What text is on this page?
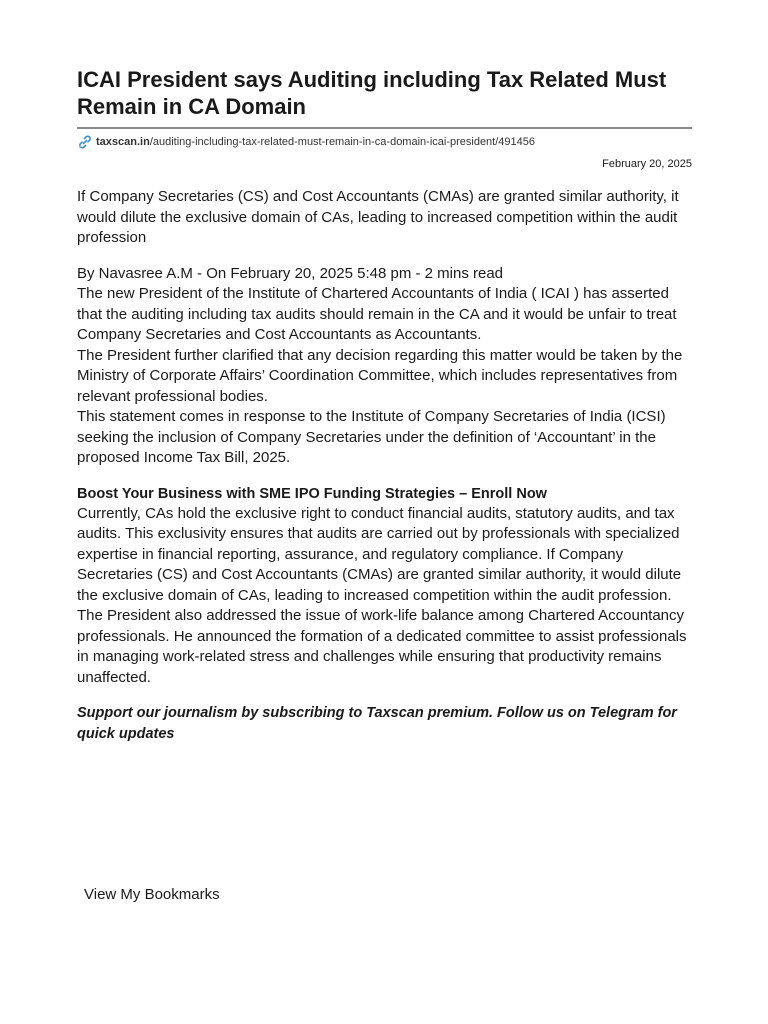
ICAI President says Auditing including Tax Related Must Remain in CA Domain
taxscan.in /auditing-including-tax-related-must-remain-in-ca-domain-icai-president/491456
February 20, 2025
If Company Secretaries (CS) and Cost Accountants (CMAs) are granted similar authority, it would dilute the exclusive domain of CAs, leading to increased competition within the audit profession
By Navasree A.M - On February 20, 2025 5:48 pm - 2 mins read

The new President of the Institute of Chartered Accountants of India ( ICAI ) has asserted that the auditing including tax audits should remain in the CA and it would be unfair to treat Company Secretaries and Cost Accountants as Accountants.

The President further clarified that any decision regarding this matter would be taken by the Ministry of Corporate Affairs’ Coordination Committee, which includes representatives from relevant professional bodies.

This statement comes in response to the Institute of Company Secretaries of India (ICSI) seeking the inclusion of Company Secretaries under the definition of ‘Accountant’ in the proposed Income Tax Bill, 2025.

Boost Your Business with SME IPO Funding Strategies – Enroll Now

Currently, CAs hold the exclusive right to conduct financial audits, statutory audits, and tax audits. This exclusivity ensures that audits are carried out by professionals with specialized expertise in financial reporting, assurance, and regulatory compliance. If Company Secretaries (CS) and Cost Accountants (CMAs) are granted similar authority, it would dilute the exclusive domain of CAs, leading to increased competition within the audit profession.

The President also addressed the issue of work-life balance among Chartered Accountancy professionals. He announced the formation of a dedicated committee to assist professionals in managing work-related stress and challenges while ensuring that productivity remains unaffected.

Support our journalism by subscribing to Taxscan premium. Follow us on Telegram for quick updates
View My Bookmarks
